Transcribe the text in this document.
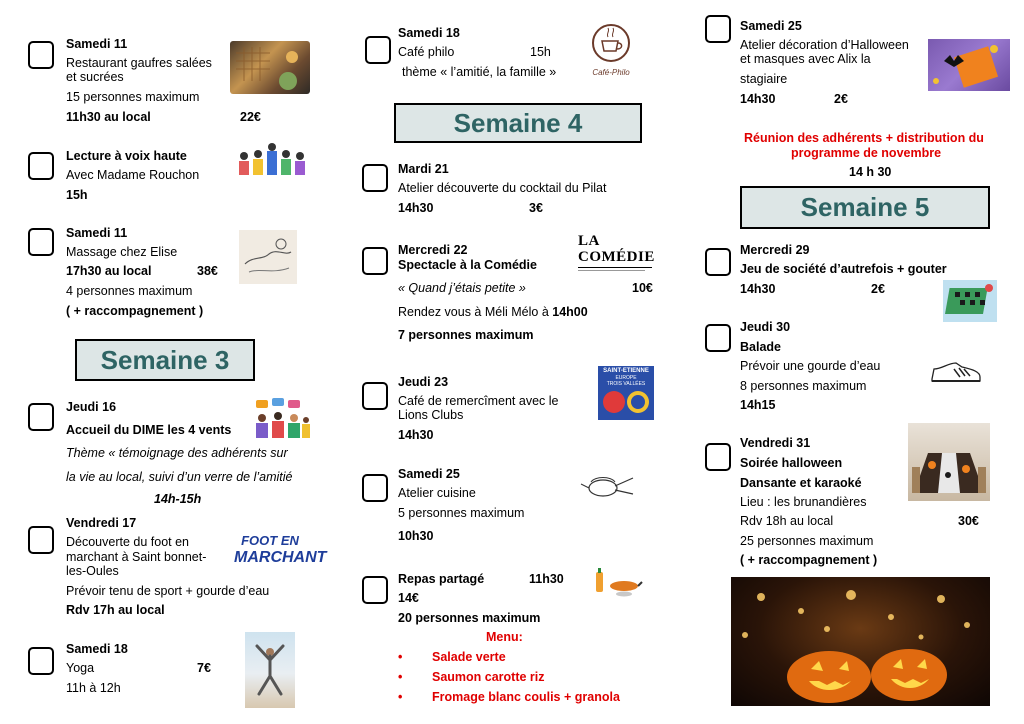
Samedi 11
Restaurant gaufres salées
et sucrées
15 personnes maximum
11h30 au local	22€
Lecture à voix haute
Avec Madame Rouchon
15h
Samedi 11
Massage chez Elise
17h30 au local	38€
4 personnes maximum
( + raccompagnement )
Semaine 3
Jeudi 16
Accueil du DIME les 4 vents
Thème « témoignage des adhérents sur
la vie au local, suivi d’un verre de l’amitié
14h-15h
Vendredi 17
Découverte du foot en
marchant à Saint bonnet-
les-Oules
Prévoir tenu de sport + gourde d’eau
Rdv 17h au local
FOOT EN
MARCHANT
Samedi 18
Yoga	7€
11h à 12h
Samedi 18
Café philo	15h
thème « l’amitié, la famille »	Café-Philo
Semaine 4
Mardi 21
Atelier découverte du cocktail du Pilat
14h30	3€
Mercredi 22
Spectacle à la Comédie
« Quand j’étais petite »	10€
Rendez vous à Méli Mélo à 14h00
7 personnes maximum
LA COMÉDIE
Jeudi 23
Café de remercîment avec le
Lions Clubs
14h30
SAINT-ETIENNE
EUROPE
TROIS VALLÉES
Samedi 25
Atelier cuisine
5 personnes maximum
10h30
Repas partagé	11h30
14€
20 personnes maximum
Menu:
• Salade verte
• Saumon carotte riz
• Fromage blanc coulis + granola
Samedi 25
Atelier décoration d’Halloween
et masques avec Alix la
stagiaire
14h30	2€
Réunion des adhérents + distribution du
programme de novembre
14 h 30
Semaine 5
Mercredi 29
Jeu de société d’autrefois + gouter
14h30	2€
Jeudi 30
Balade
Prévoir une gourde d’eau
8 personnes maximum
14h15
Vendredi 31
Soirée halloween
Dansante et karaoké
Lieu : les brunandières
Rdv 18h au local	30€
25 personnes maximum
( + raccompagnement )
